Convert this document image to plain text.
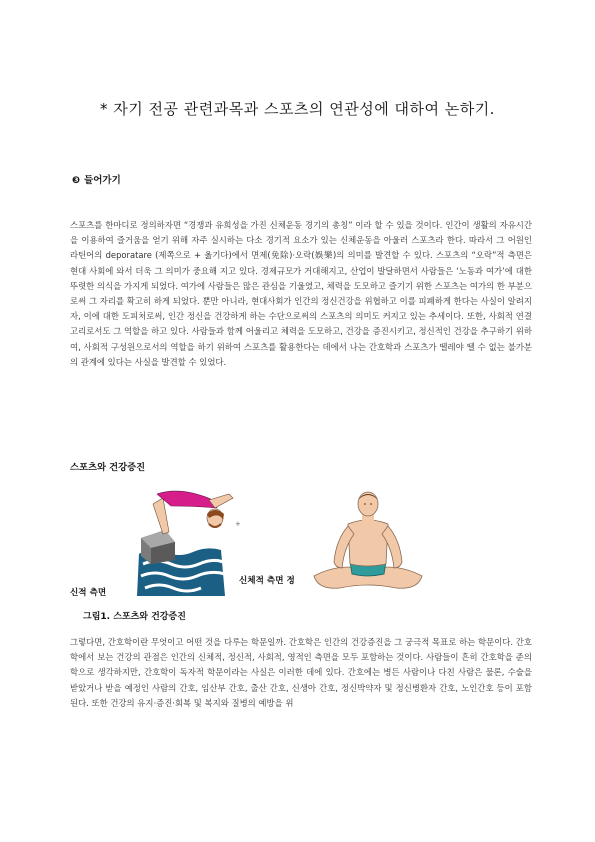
* 자기 전공 관련과목과 스포츠의 연관성에 대하여 논하기.
❸ 들어가기
스포츠를 한마디로 정의하자면 “경쟁과 유희성을 가진 신체운동 경기의 총칭” 이라 할 수 있을 것이다. 인간이 생활의 자유시간을 이용하여 즐거움을 얻기 위해 자주 실시하는 다소 경기적 요소가 있는 신체운동을 아울러 스포츠라 한다. 따라서 그 어원인 라틴어의 deporatare (제쪽으로 + 옮기다)에서 면제(免除)·오락(娛樂)의 의미를 발견할 수 있다. 스포츠의 “오락”적 측면은 현대 사회에 와서 더욱 그 의미가 중요해 지고 있다. 경제규모가 거대해지고, 산업이 발달하면서 사람들은 ‘노동과 여가’에 대한 뚜렷한 의식을 가지게 되었다. 여가에 사람들은 많은 관심을 기울였고, 체력을 도모하고 즐기기 위한 스포츠는 여가의 한 부분으로써 그 자리를 확고히 하게 되었다. 뿐만 아니라, 현대사회가 인간의 정신건강을 위협하고 이를 피폐하게 한다는 사실이 알려지자, 이에 대한 도피처로써, 인간 정신을 건강하게 하는 수단으로써의 스포츠의 의미도 커지고 있는 추세이다. 또한, 사회적 연결고리로서도 그 역할을 하고 있다. 사람들과 함께 어울리고 체력을 도모하고, 건강을 증진시키고, 정신적인 건강을 추구하기 위하여, 사회적 구성원으로서의 역할을 하기 위하여 스포츠를 활용한다는 데에서 나는 간호학과 스포츠가 뗄레야 뗄 수 없는 불가분의 관계에 있다는 사실을 발견할 수 있었다.
스포츠와 건강증진
+
신적 측면
신체적 측면 정
그림1. 스포츠와 건강증진
그렇다면, 간호학이란 무엇이고 어떤 것을 다루는 학문일까. 간호학은 인간의 건강증진을 그 궁극적 목표로 하는 학문이다. 간호학에서 보는 건강의 관점은 인간의 신체적, 정신적, 사회적, 영적인 측면을 모두 포함하는 것이다. 사람들이 흔히 간호학을 준의학으로 생각하지만, 간호학이 독자적 학문이라는 사실은 이러한 데에 있다. 간호에는 병든 사람이나 다친 사람은 물론, 수술을 받았거나 받을 예정인 사람의 간호, 임산부 간호, 출산 간호, 신생아 간호, 정신박약자 및 정신병환자 간호, 노인간호 등이 포함된다. 또한 건강의 유지·증진·회복 및 복지와 질병의 예방을 위
